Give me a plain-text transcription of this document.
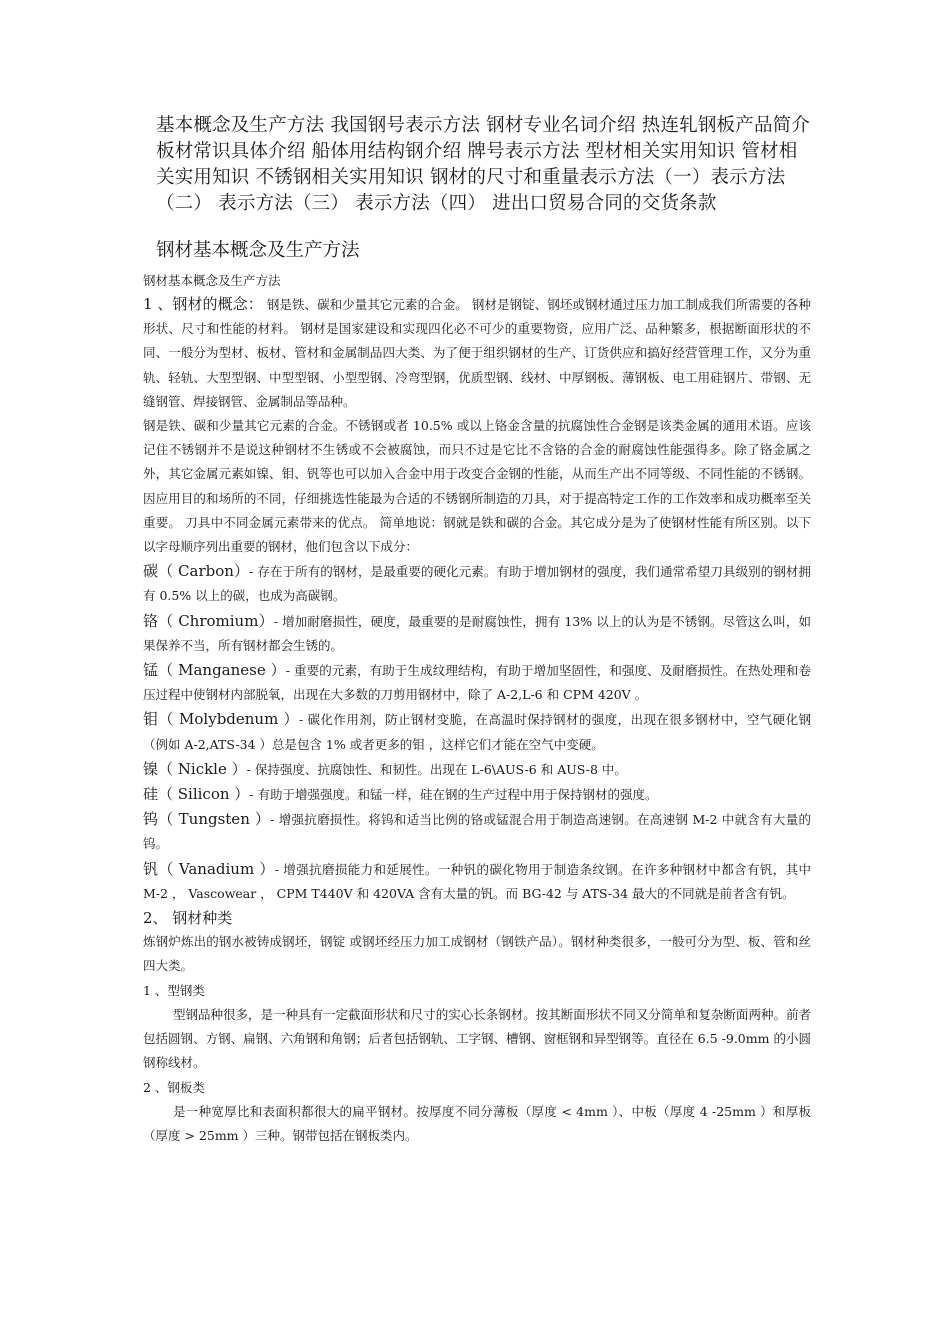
基本概念及生产方法 我国钢号表示方法 钢材专业名词介绍 热连轧钢板产品简介 板材常识具体介绍 船体用结构钢介绍 牌号表示方法 型材相关实用知识 管材相关实用知识 不锈钢相关实用知识 钢材的尺寸和重量表示方法（一）表示方法（二） 表示方法（三） 表示方法（四） 进出口贸易合同的交货条款
钢材基本概念及生产方法
钢材基本概念及生产方法

1 、钢材的概念： 钢是铁、碳和少量其它元素的合金。 钢材是钢锭、钢坯或钢材通过压力加工制成我们所需要的各种形状、尺寸和性能的材料。 钢材是国家建设和实现四化必不可少的重要物资，应用广泛、品种繁多，根据断面形状的不同、一般分为型材、板材、管材和金属制品四大类、为了便于组织钢材的生产、订货供应和搞好经营管理工作，又分为重轨、轻轨、大型型钢、中型型钢、小型型钢、冷弯型钢，优质型钢、线材、中厚钢板、薄钢板、电工用硅钢片、带钢、无缝钢管、焊接钢管、金属制品等品种。

钢是铁、碳和少量其它元素的合金。不锈钢或者 10.5% 或以上铬金含量的抗腐蚀性合金钢是该类金属的通用术语。应该记住不锈钢并不是说这种钢材不生锈或不会被腐蚀，而只不过是它比不含铬的合金的耐腐蚀性能强得多。除了铬金属之外，其它金属元素如镍、钼、钒等也可以加入合金中用于改变合金钢的性能，从而生产出不同等级、不同性能的不锈钢。因应用目的和场所的不同，仔细挑选性能最为合适的不锈钢所制造的刀具，对于提高特定工作的工作效率和成功概率至关重要。 刀具中不同金属元素带来的优点。 简单地说：钢就是铁和碳的合金。其它成分是为了使钢材性能有所区别。以下以字母顺序列出重要的钢材，他们包含以下成分：

碳（ Carbon）- 存在于所有的钢材，是最重要的硬化元素。有助于增加钢材的强度，我们通常希望刀具级别的钢材拥有 0.5% 以上的碳，也成为高碳钢。

铬（ Chromium）- 增加耐磨损性，硬度，最重要的是耐腐蚀性，拥有 13% 以上的认为是不锈钢。尽管这么叫，如果保养不当，所有钢材都会生锈的。

锰（ Manganese ）- 重要的元素，有助于生成纹理结构，有助于增加坚固性，和强度、及耐磨损性。在热处理和卷压过程中使钢材内部脱氧，出现在大多数的刀剪用钢材中，除了 A-2,L-6 和 CPM 420V 。

钼（ Molybdenum ）- 碳化作用剂，防止钢材变脆，在高温时保持钢材的强度，出现在很多钢材中，空气硬化钢（例如 A-2,ATS-34 ）总是包含 1% 或者更多的钼 ，这样它们才能在空气中变硬。

镍（ Nickle ）- 保持强度、抗腐蚀性、和韧性。出现在 L-6\AUS-6 和 AUS-8 中。

硅（ Silicon ）- 有助于增强强度。和锰一样，硅在钢的生产过程中用于保持钢材的强度。

钨（ Tungsten ）- 增强抗磨损性。将钨和适当比例的铬或锰混合用于制造高速钢。在高速钢 M-2 中就含有大量的钨。

钒（ Vanadium ）- 增强抗磨损能力和延展性。一种钒的碳化物用于制造条纹钢。在许多种钢材中都含有钒，其中 M-2 ， Vascowear ， CPM T440V 和 420VA 含有大量的钒。而 BG-42 与 ATS-34 最大的不同就是前者含有钒。

2、 钢材种类

炼钢炉炼出的钢水被铸成钢坯，钢锭 或钢坯经压力加工成钢材（钢铁产品）。钢材种类很多，一般可分为型、板、管和丝四大类。

1 、型钢类

型钢品种很多，是一种具有一定截面形状和尺寸的实心长条钢材。按其断面形状不同又分简单和复杂断面两种。前者包括圆钢、方钢、扁钢、六角钢和角钢；后者包括钢轨、工字钢、槽钢、窗框钢和异型钢等。直径在 6.5 -9.0mm 的小圆钢称线材。

2 、钢板类

是一种宽厚比和表面积都很大的扁平钢材。按厚度不同分薄板（厚度 < 4mm ）、中板（厚度 4 -25mm ）和厚板（厚度 > 25mm ）三种。钢带包括在钢板类内。
